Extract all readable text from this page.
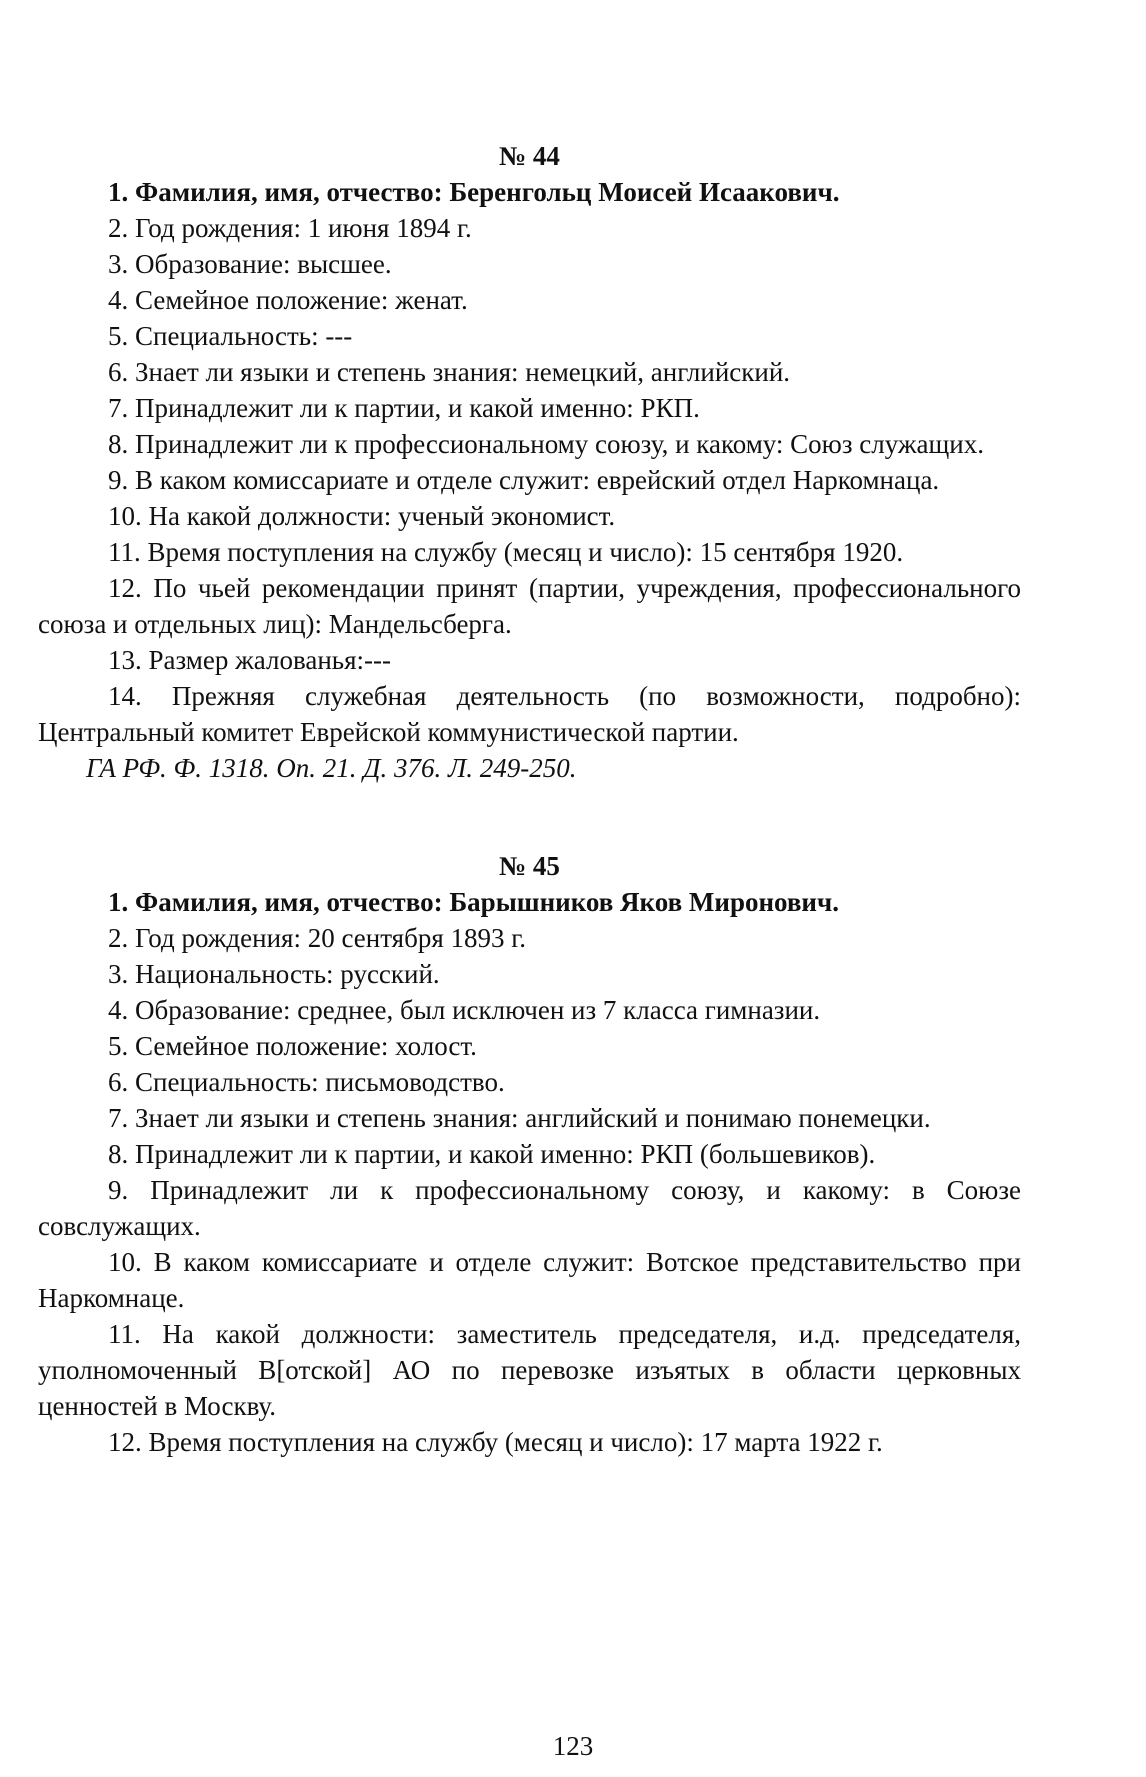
№ 44

1. Фамилия, имя, отчество: Беренгольц Моисей Исаакович.

2. Год рождения: 1 июня 1894 г.

3. Образование: высшее.

4. Семейное положение: женат.

5. Специальность: ---

6. Знает ли языки и степень знания: немецкий, английский.

7. Принадлежит ли к партии, и какой именно: РКП.

8. Принадлежит ли к профессиональному союзу, и какому: Союз служащих.

9. В каком комиссариате и отделе служит: еврейский отдел Наркомнаца.

10. На какой должности: ученый экономист.

11. Время поступления на службу (месяц и число): 15 сентября 1920.

12. По чьей рекомендации принят (партии, учреждения, профессионального союза и отдельных лиц): Мандельсберга.

13. Размер жалованья:---

14. Прежняя служебная деятельность (по возможности, подробно): Центральный комитет Еврейской коммунистической партии.

ГА РФ. Ф. 1318. Оп. 21. Д. 376. Л. 249-250.

№ 45

1. Фамилия, имя, отчество: Барышников Яков Миронович.

2. Год рождения: 20 сентября 1893 г.

3. Национальность: русский.

4. Образование: среднее, был исключен из 7 класса гимназии.

5. Семейное положение: холост.

6. Специальность: письмоводство.

7. Знает ли языки и степень знания: английский и понимаю понемецки.

8. Принадлежит ли к партии, и какой именно: РКП (большевиков).

9. Принадлежит ли к профессиональному союзу, и какому: в Союзе совслужащих.

10. В каком комиссариате и отделе служит: Вотское представительство при Наркомнаце.

11. На какой должности: заместитель председателя, и.д. председателя, уполномоченный В[отской] АО по перевозке изъятых в области церковных ценностей в Москву.

12. Время поступления на службу (месяц и число): 17 марта 1922 г.

123
